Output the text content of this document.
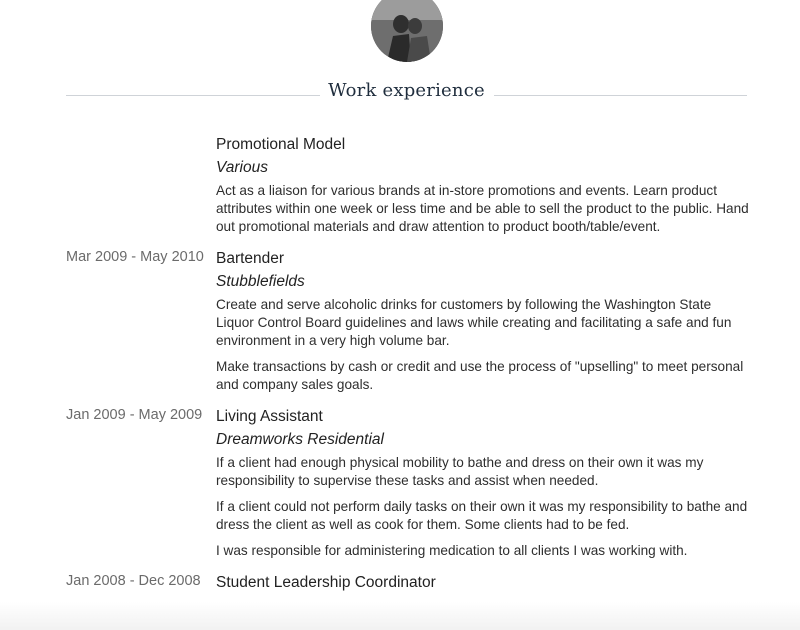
Work experience
Promotional Model
Various

Act as a liaison for various brands at in-store promotions and events. Learn product attributes within one week or less time and be able to sell the product to the public. Hand out promotional materials and draw attention to product booth/table/event.

Mar 2009 - May 2010 Bartender
Stubblefields

Create and serve alcoholic drinks for customers by following the Washington State Liquor Control Board guidelines and laws while creating and facilitating a safe and fun environment in a very high volume bar.

Make transactions by cash or credit and use the process of "upselling" to meet personal and company sales goals.

Jan 2009 - May 2009 Living Assistant
Dreamworks Residential

If a client had enough physical mobility to bathe and dress on their own it was my responsibility to supervise these tasks and assist when needed.

If a client could not perform daily tasks on their own it was my responsibility to bathe and dress the client as well as cook for them. Some clients had to be fed.

I was responsible for administering medication to all clients I was working with.

Jan 2008 - Dec 2008 Student Leadership Coordinator
